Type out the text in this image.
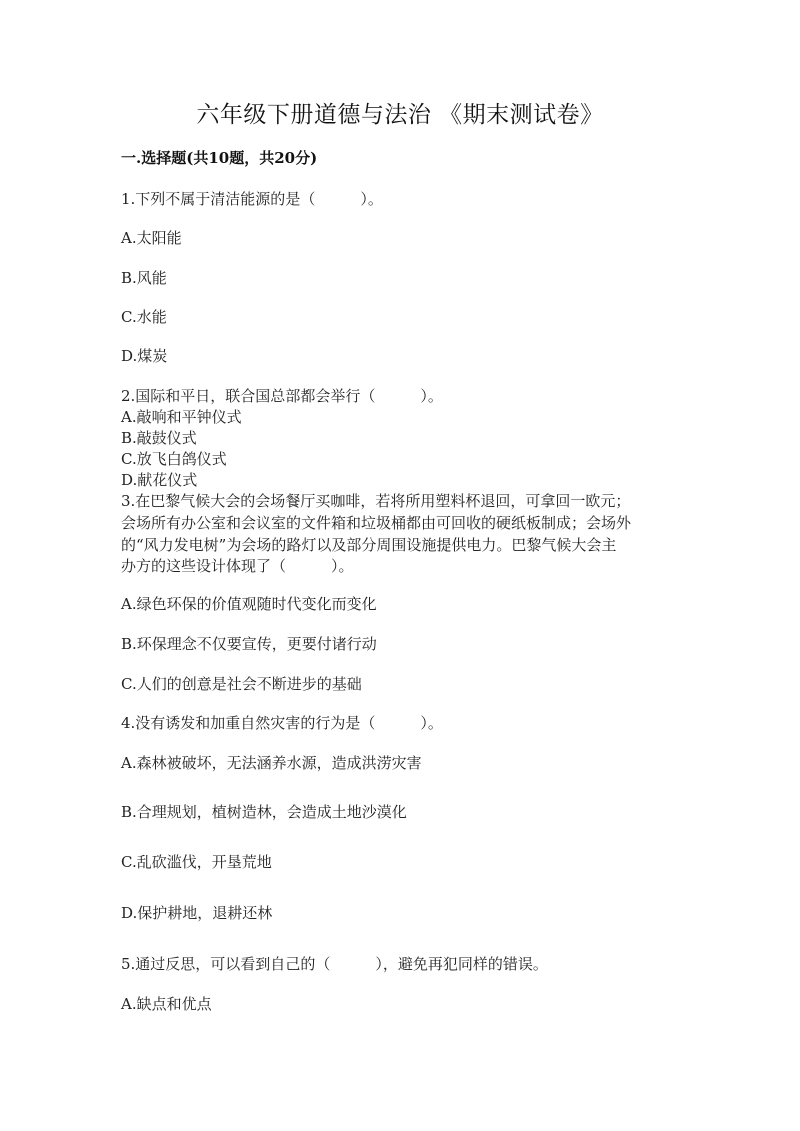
六年级下册道德与法治 《期末测试卷》
一.选择题(共10题，共20分)
1.下列不属于清洁能源的是（　　　）。
A.太阳能
B.风能
C.水能
D.煤炭
2.国际和平日，联合国总部都会举行（　　　）。
A.敲响和平钟仪式
B.敲鼓仪式
C.放飞白鸽仪式
D.献花仪式
3.在巴黎气候大会的会场餐厅买咖啡，若将所用塑料杯退回，可拿回一欧元；
会场所有办公室和会议室的文件箱和垃圾桶都由可回收的硬纸板制成；会场外
的“风力发电树”为会场的路灯以及部分周围设施提供电力。巴黎气候大会主
办方的这些设计体现了（　　　）。
A.绿色环保的价值观随时代变化而变化
B.环保理念不仅要宣传，更要付诸行动
C.人们的创意是社会不断进步的基础
4.没有诱发和加重自然灾害的行为是（　　　）。
A.森林被破坏，无法涵养水源，造成洪涝灾害
B.合理规划，植树造林，会造成土地沙漠化
C.乱砍滥伐，开垦荒地
D.保护耕地，退耕还林
5.通过反思，可以看到自己的（　　　），避免再犯同样的错误。
A.缺点和优点
